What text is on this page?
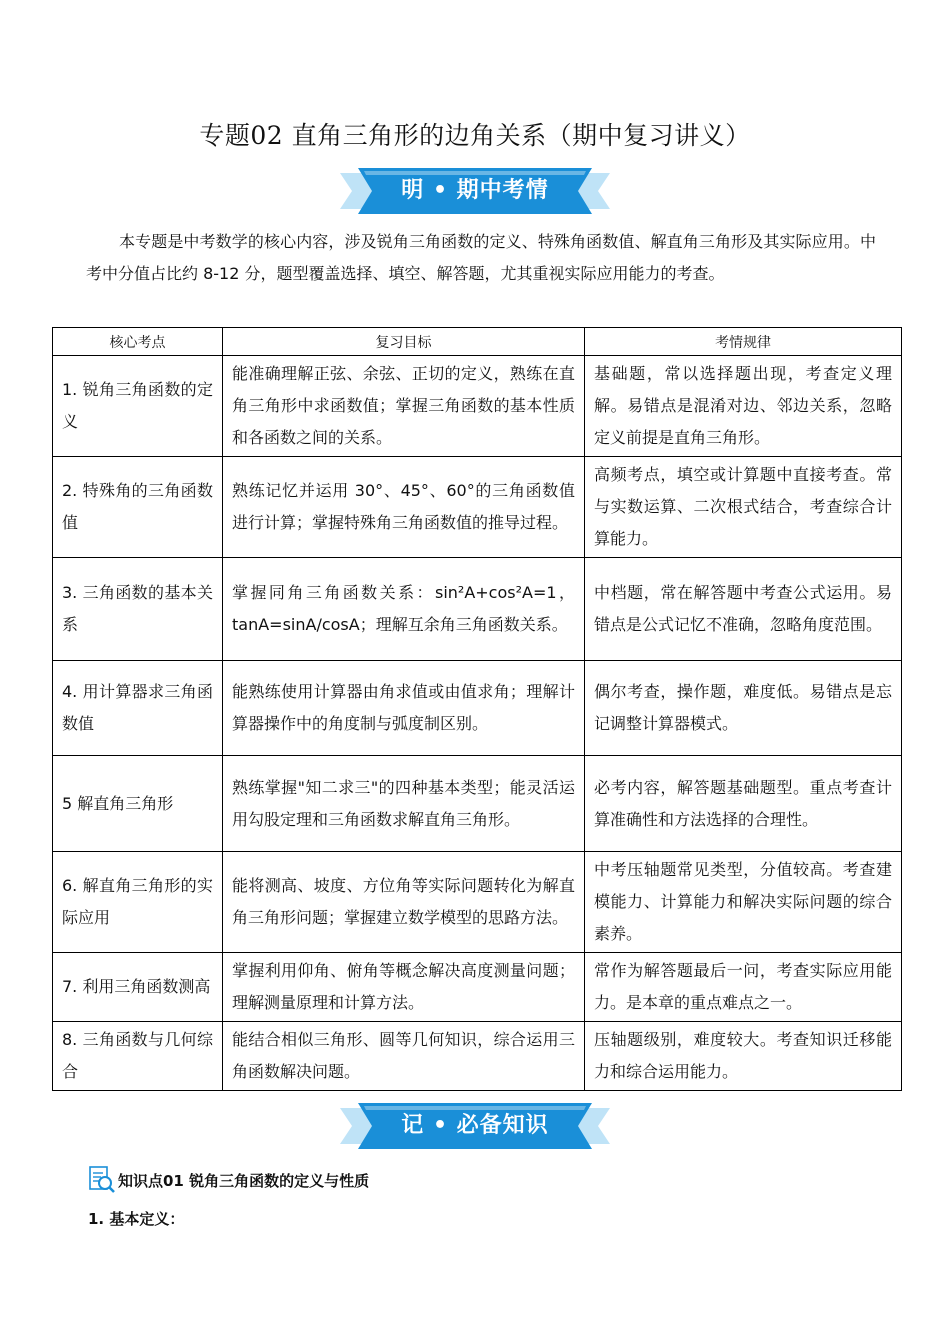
专题02 直角三角形的边角关系（期中复习讲义）
明 • 期中考情

本专题是中考数学的核心内容，涉及锐角三角函数的定义、特殊角函数值、解直角三角形及其实际应用。中考中分值占比约 8-12 分，题型覆盖选择、填空、解答题，尤其重视实际应用能力的考查。

核心考点	复习目标	考情规律
1. 锐角三角函数的定义	能准确理解正弦、余弦、正切的定义，熟练在直角三角形中求函数值；掌握三角函数的基本性质和各函数之间的关系。	基础题，常以选择题出现，考查定义理解。易错点是混淆对边、邻边关系，忽略定义前提是直角三角形。
2. 特殊角的三角函数值	熟练记忆并运用 30°、45°、60°的三角函数值进行计算；掌握特殊角三角函数值的推导过程。	高频考点，填空或计算题中直接考查。常与实数运算、二次根式结合，考查综合计算能力。
3. 三角函数的基本关系	掌握同角三角函数关系：sin²A+cos²A=1，tanA=sinA/cosA；理解互余角三角函数关系。	中档题，常在解答题中考查公式运用。易错点是公式记忆不准确，忽略角度范围。
4. 用计算器求三角函数值	能熟练使用计算器由角求值或由值求角；理解计算器操作中的角度制与弧度制区别。	偶尔考查，操作题，难度低。易错点是忘记调整计算器模式。
5 解直角三角形	熟练掌握"知二求三"的四种基本类型；能灵活运用勾股定理和三角函数求解直角三角形。	必考内容，解答题基础题型。重点考查计算准确性和方法选择的合理性。
6. 解直角三角形的实际应用	能将测高、坡度、方位角等实际问题转化为解直角三角形问题；掌握建立数学模型的思路方法。	中考压轴题常见类型，分值较高。考查建模能力、计算能力和解决实际问题的综合素养。
7. 利用三角函数测高	掌握利用仰角、俯角等概念解决高度测量问题；理解测量原理和计算方法。	常作为解答题最后一问，考查实际应用能力。是本章的重点难点之一。
8. 三角函数与几何综合	能结合相似三角形、圆等几何知识，综合运用三角函数解决问题。	压轴题级别，难度较大。考查知识迁移能力和综合运用能力。
记 • 必备知识
知识点01 锐角三角函数的定义与性质
1. 基本定义：
